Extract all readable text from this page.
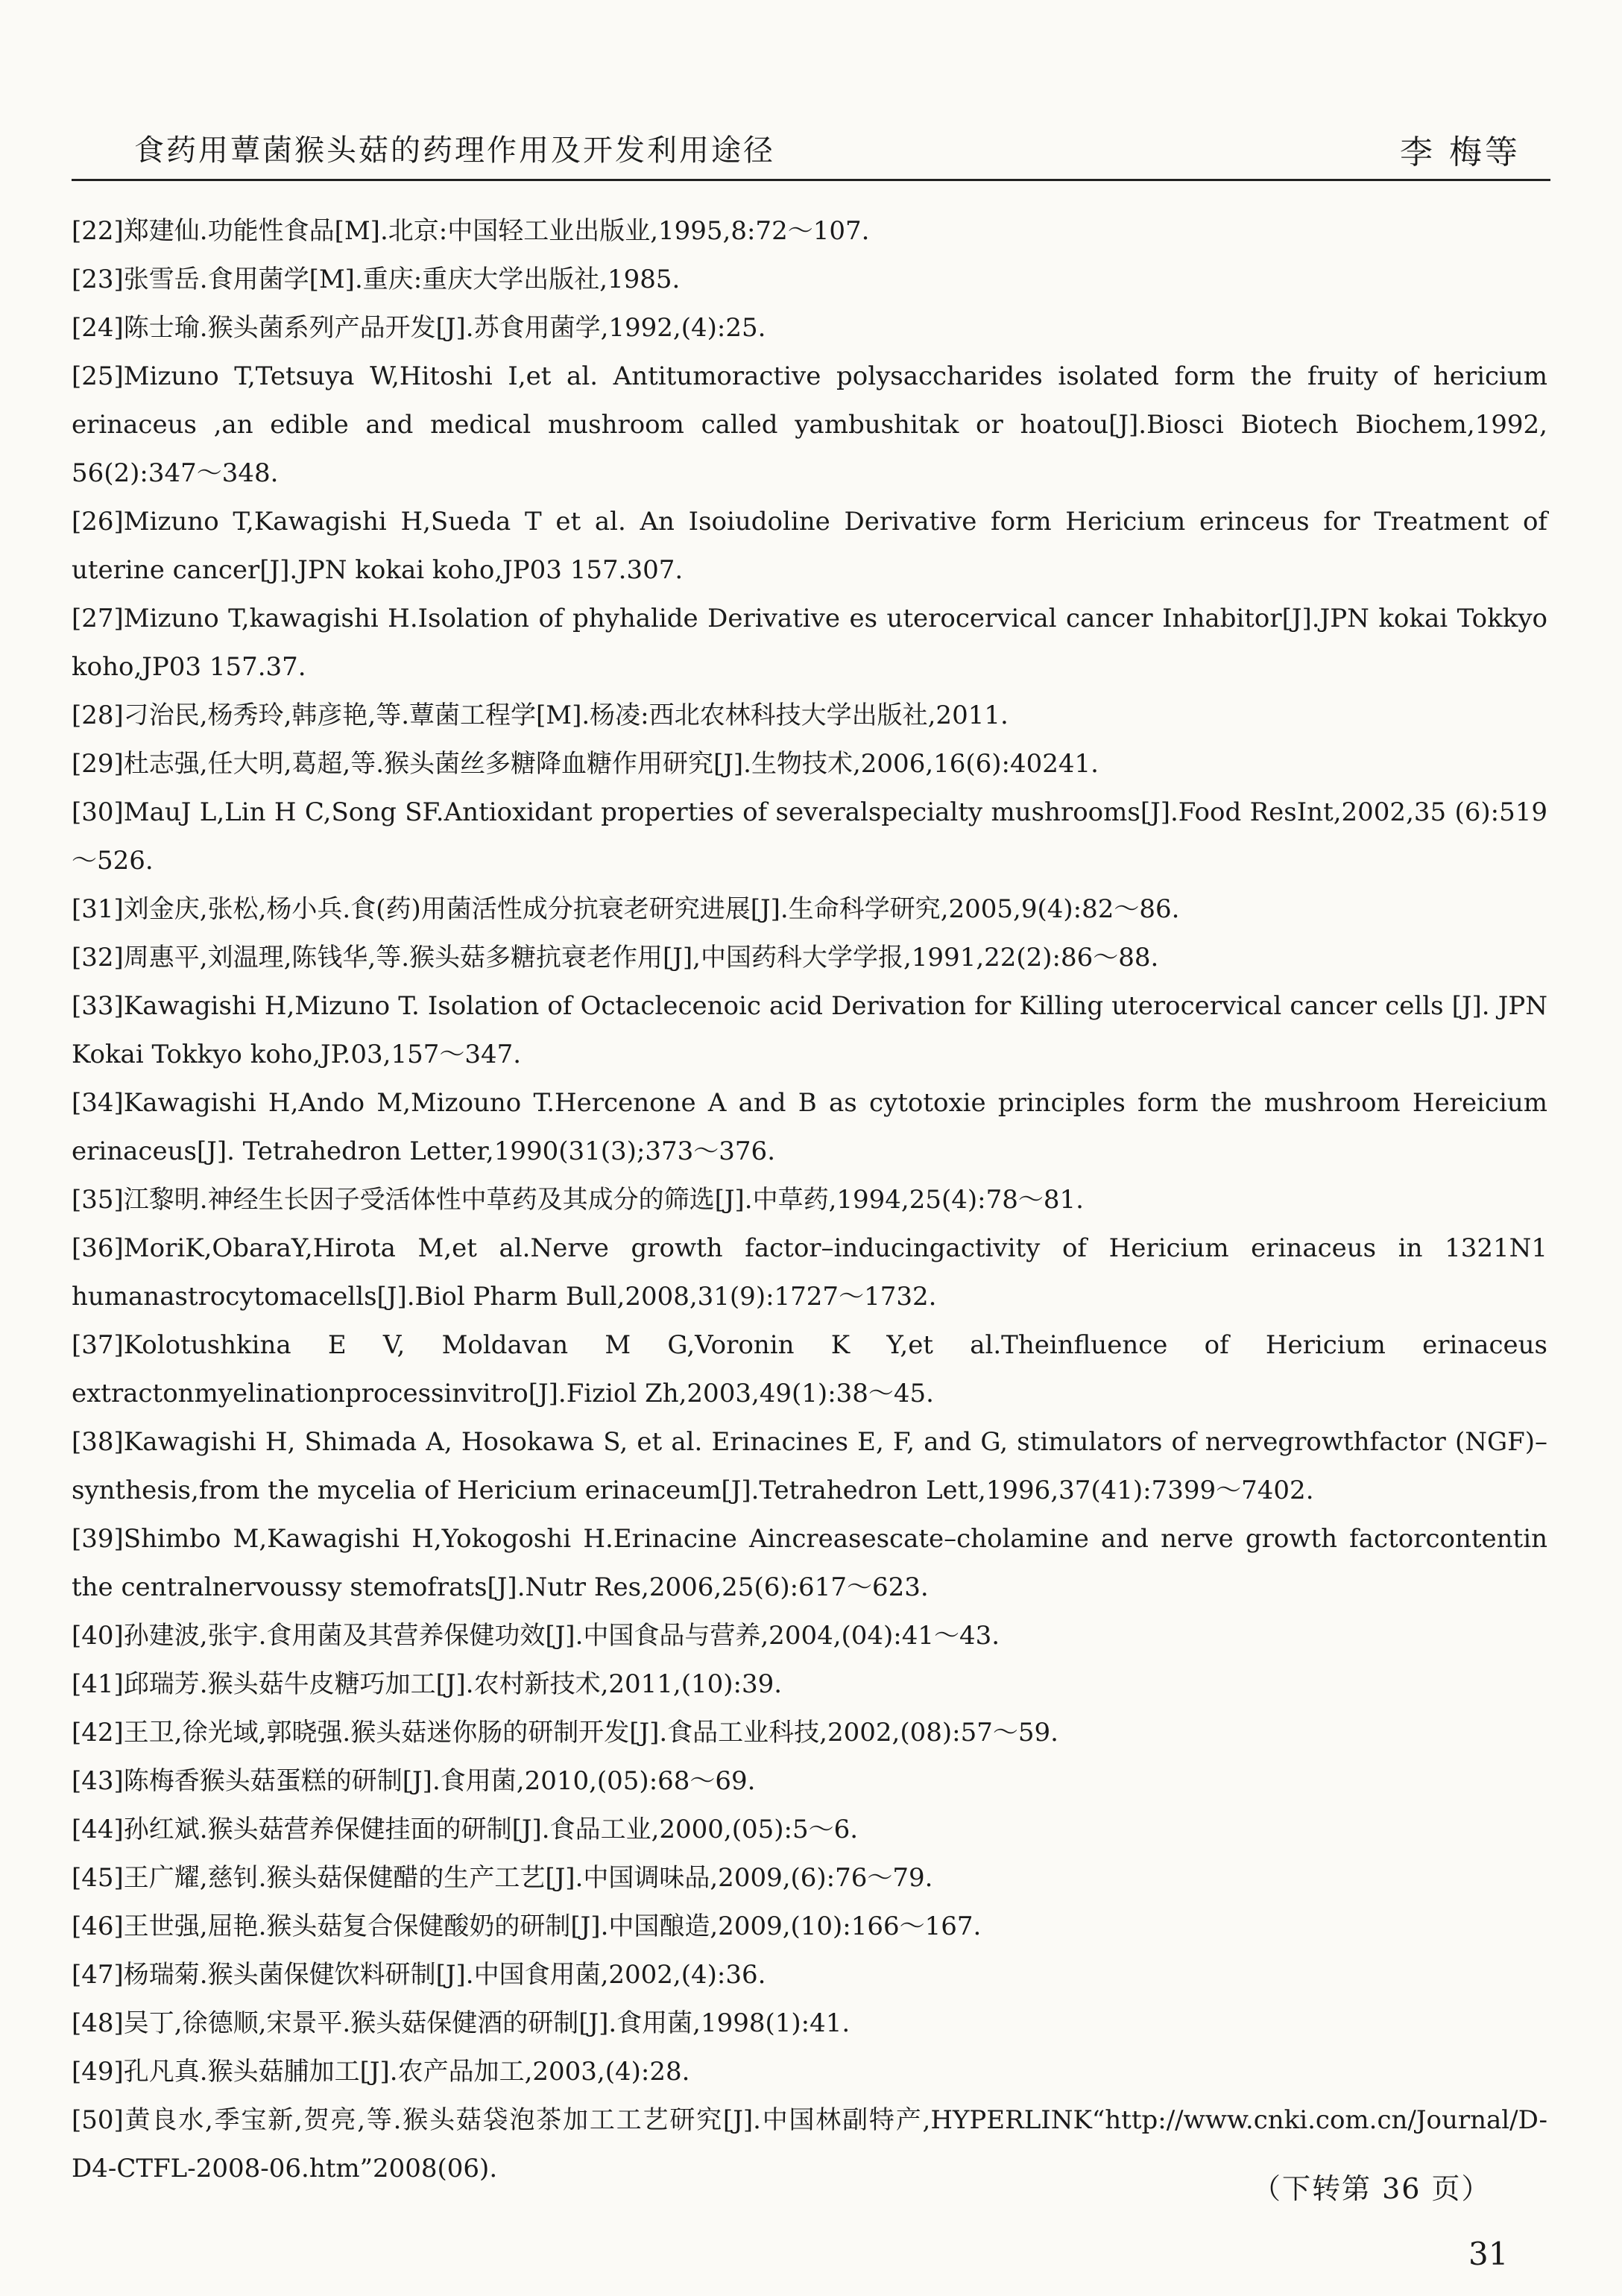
食药用蕈菌猴头菇的药理作用及开发利用途径	李 梅等

[22]郑建仙.功能性食品[M].北京:中国轻工业出版业,1995,8:72～107.

[23]张雪岳.食用菌学[M].重庆:重庆大学出版社,1985.

[24]陈士瑜.猴头菌系列产品开发[J].苏食用菌学,1992,(4):25.

[25]Mizuno T,Tetsuya W,Hitoshi I,et al. Antitumoractive polysaccharides isolated form the fruity of hericium erinaceus ,an edible and medical mushroom called yambushitak or hoatou[J].Biosci Biotech Biochem,1992, 56(2):347～348.

[26]Mizuno T,Kawagishi H,Sueda T et al. An Isoiudoline Derivative form Hericium erinceus for Treatment of uterine cancer[J].JPN kokai koho,JP03 157.307.

[27]Mizuno T,kawagishi H.Isolation of phyhalide Derivative es uterocervical cancer Inhabitor[J].JPN kokai Tokkyo koho,JP03 157.37.

[28]刁治民,杨秀玲,韩彦艳,等.蕈菌工程学[M].杨凌:西北农林科技大学出版社,2011.

[29]杜志强,任大明,葛超,等.猴头菌丝多糖降血糖作用研究[J].生物技术,2006,16(6):40241.

[30]MauJ L,Lin H C,Song SF.Antioxidant properties of severalspecialty mushrooms[J].Food ResInt,2002,35 (6):519～526.

[31]刘金庆,张松,杨小兵.食(药)用菌活性成分抗衰老研究进展[J].生命科学研究,2005,9(4):82～86.

[32]周惠平,刘温理,陈钱华,等.猴头菇多糖抗衰老作用[J],中国药科大学学报,1991,22(2):86～88.

[33]Kawagishi H,Mizuno T. Isolation of Octaclecenoic acid Derivation for Killing uterocervical cancer cells [J]. JPN Kokai Tokkyo koho,JP.03,157～347.

[34]Kawagishi H,Ando M,Mizouno T.Hercenone A and B as cytotoxie principles form the mushroom Hereicium erinaceus[J]. Tetrahedron Letter,1990(31(3);373～376.

[35]江黎明.神经生长因子受活体性中草药及其成分的筛选[J].中草药,1994,25(4):78～81.

[36]MoriK,ObaraY,Hirota M,et al.Nerve growth factor–inducingactivity of Hericium erinaceus in 1321N1 humanastrocytomacells[J].Biol Pharm Bull,2008,31(9):1727～1732.

[37]Kolotushkina E V, Moldavan M G,Voronin K Y,et al.Theinfluence of Hericium erinaceus extractonmyelinationprocessinvitro[J].Fiziol Zh,2003,49(1):38～45.

[38]Kawagishi H, Shimada A, Hosokawa S, et al. Erinacines E, F, and G, stimulators of nervegrowthfactor (NGF)–synthesis,from the mycelia of Hericium erinaceum[J].Tetrahedron Lett,1996,37(41):7399～7402.

[39]Shimbo M,Kawagishi H,Yokogoshi H.Erinacine Aincreasescate–cholamine and nerve growth factorcontentin the centralnervoussy stemofrats[J].Nutr Res,2006,25(6):617～623.

[40]孙建波,张宇.食用菌及其营养保健功效[J].中国食品与营养,2004,(04):41～43.

[41]邱瑞芳.猴头菇牛皮糖巧加工[J].农村新技术,2011,(10):39.

[42]王卫,徐光域,郭晓强.猴头菇迷你肠的研制开发[J].食品工业科技,2002,(08):57～59.

[43]陈梅香猴头菇蛋糕的研制[J].食用菌,2010,(05):68～69.

[44]孙红斌.猴头菇营养保健挂面的研制[J].食品工业,2000,(05):5～6.

[45]王广耀,慈钊.猴头菇保健醋的生产工艺[J].中国调味品,2009,(6):76～79.

[46]王世强,屈艳.猴头菇复合保健酸奶的研制[J].中国酿造,2009,(10):166～167.

[47]杨瑞菊.猴头菌保健饮料研制[J].中国食用菌,2002,(4):36.

[48]吴丁,徐德顺,宋景平.猴头菇保健酒的研制[J].食用菌,1998(1):41.

[49]孔凡真.猴头菇脯加工[J].农产品加工,2003,(4):28.

[50]黄良水,季宝新,贺亮,等.猴头菇袋泡茶加工工艺研究[J].中国林副特产,HYPERLINK“http://www.cnki.com.cn/Journal/D-D4-CTFL-2008-06.htm”2008(06).

（下转第 36 页）
31
